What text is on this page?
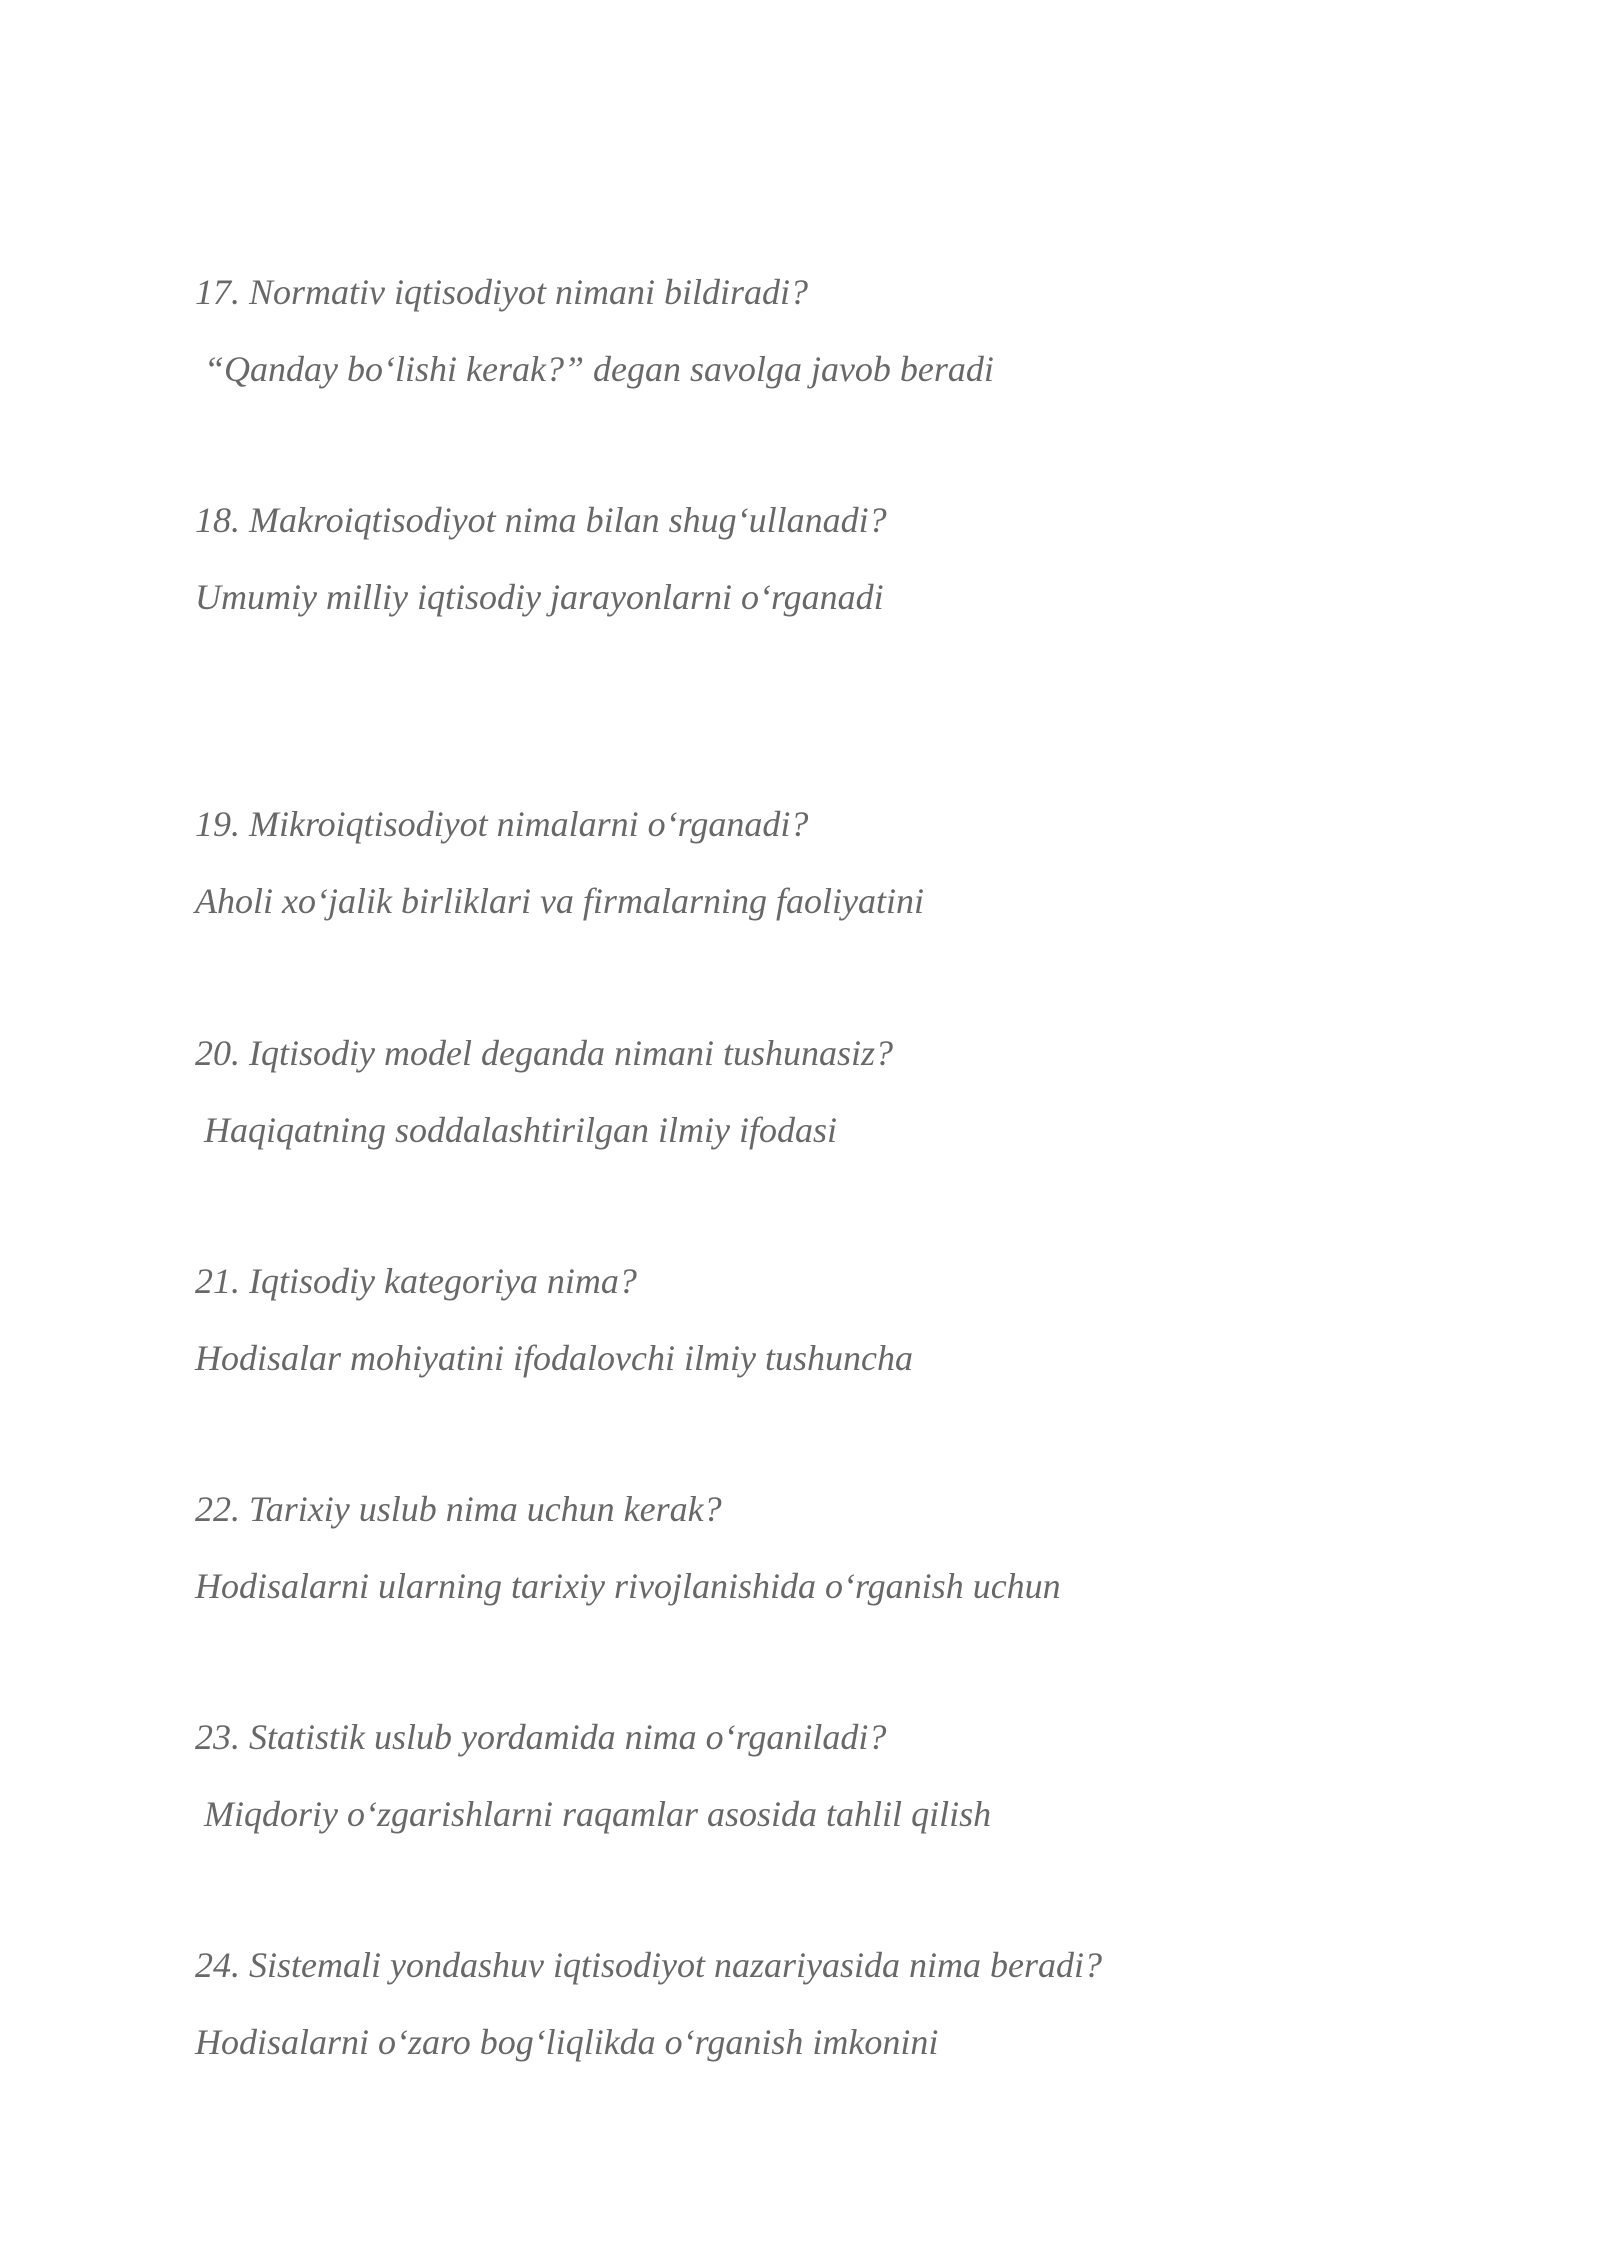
17. Normativ iqtisodiyot nimani bildiradi?

“Qanday bo‘lishi kerak?” degan savolga javob beradi

18. Makroiqtisodiyot nima bilan shug‘ullanadi?

Umumiy milliy iqtisodiy jarayonlarni o‘rganadi

19. Mikroiqtisodiyot nimalarni o‘rganadi?

Aholi xo‘jalik birliklari va firmalarning faoliyatini

20. Iqtisodiy model deganda nimani tushunasiz?

Haqiqatning soddalashtirilgan ilmiy ifodasi

21. Iqtisodiy kategoriya nima?

Hodisalar mohiyatini ifodalovchi ilmiy tushuncha

22. Tarixiy uslub nima uchun kerak?

Hodisalarni ularning tarixiy rivojlanishida o‘rganish uchun

23. Statistik uslub yordamida nima o‘rganiladi?

Miqdoriy o‘zgarishlarni raqamlar asosida tahlil qilish

24. Sistemali yondashuv iqtisodiyot nazariyasida nima beradi?

Hodisalarni o‘zaro bog‘liqlikda o‘rganish imkonini
